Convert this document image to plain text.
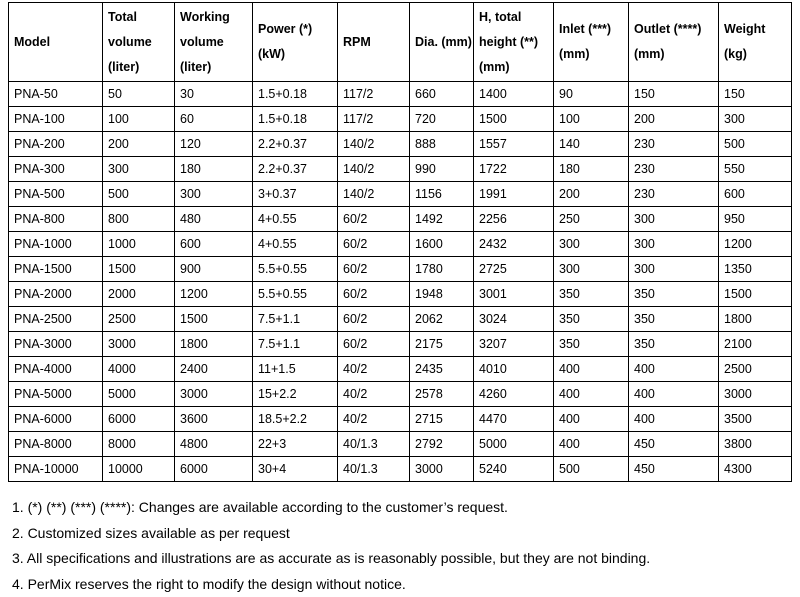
Model	Total volume (liter)	Working volume (liter)	Power (*) (kW)	RPM	Dia. (mm)	H, total height (**) (mm)	Inlet (***) (mm)	Outlet (****) (mm)	Weight (kg)
PNA-50	50	30	1.5+0.18	117/2	660	1400	90	150	150
PNA-100	100	60	1.5+0.18	117/2	720	1500	100	200	300
PNA-200	200	120	2.2+0.37	140/2	888	1557	140	230	500
PNA-300	300	180	2.2+0.37	140/2	990	1722	180	230	550
PNA-500	500	300	3+0.37	140/2	1156	1991	200	230	600
PNA-800	800	480	4+0.55	60/2	1492	2256	250	300	950
PNA-1000	1000	600	4+0.55	60/2	1600	2432	300	300	1200
PNA-1500	1500	900	5.5+0.55	60/2	1780	2725	300	300	1350
PNA-2000	2000	1200	5.5+0.55	60/2	1948	3001	350	350	1500
PNA-2500	2500	1500	7.5+1.1	60/2	2062	3024	350	350	1800
PNA-3000	3000	1800	7.5+1.1	60/2	2175	3207	350	350	2100
PNA-4000	4000	2400	11+1.5	40/2	2435	4010	400	400	2500
PNA-5000	5000	3000	15+2.2	40/2	2578	4260	400	400	3000
PNA-6000	6000	3600	18.5+2.2	40/2	2715	4470	400	400	3500
PNA-8000	8000	4800	22+3	40/1.3	2792	5000	400	450	3800
PNA-10000	10000	6000	30+4	40/1.3	3000	5240	500	450	4300
1. (*) (**) (***) (****): Changes are available according to the customer’s request.
2. Customized sizes available as per request
3. All specifications and illustrations are as accurate as is reasonably possible, but they are not binding.
4. PerMix reserves the right to modify the design without notice.
